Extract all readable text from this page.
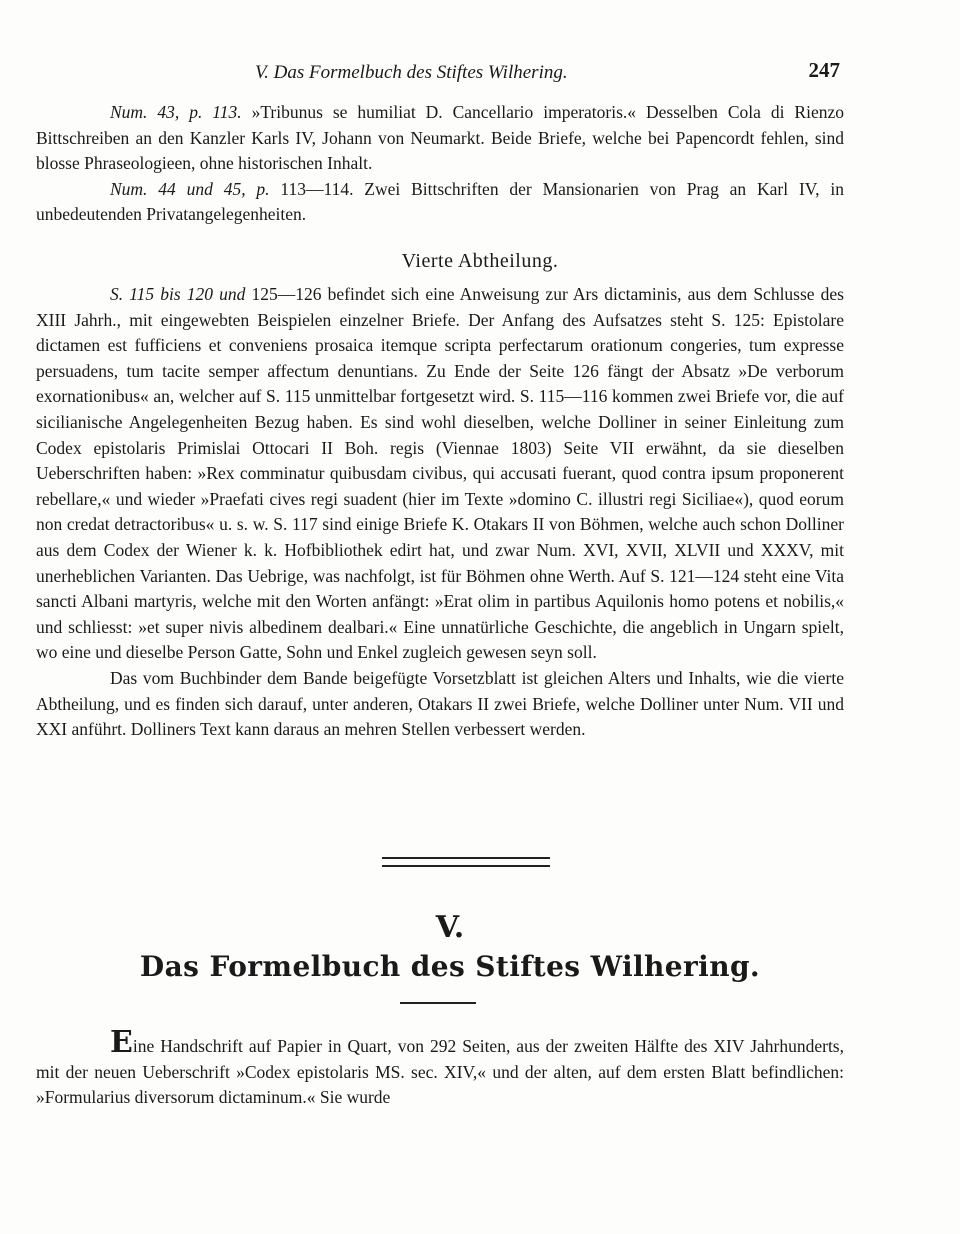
V. Das Formelbuch des Stiftes Wilhering.	247

Num. 43, p. 113. »Tribunus se humiliat D. Cancellario imperatoris.« Desselben Cola di Rienzo Bittschreiben an den Kanzler Karls IV, Johann von Neumarkt. Beide Briefe, welche bei Papencordt fehlen, sind blosse Phraseologieen, ohne historischen Inhalt.

Num. 44 und 45, p. 113—114. Zwei Bittschriften der Mansionarien von Prag an Karl IV, in unbedeutenden Privatangelegenheiten.

Vierte Abtheilung.

S. 115 bis 120 und 125—126 befindet sich eine Anweisung zur Ars dictaminis, aus dem Schlusse des XIII Jahrh., mit eingewebten Beispielen einzelner Briefe. Der Anfang des Aufsatzes steht S. 125: Epistolare dictamen est fufficiens et conveniens prosaica itemque scripta perfectarum orationum congeries, tum expresse persuadens, tum tacite semper affectum denuntians. Zu Ende der Seite 126 fängt der Absatz »De verborum exornationibus« an, welcher auf S. 115 unmittelbar fortgesetzt wird. S. 115—116 kommen zwei Briefe vor, die auf sicilianische Angelegenheiten Bezug haben. Es sind wohl dieselben, welche Dolliner in seiner Einleitung zum Codex epistolaris Primislai Ottocari II Boh. regis (Viennae 1803) Seite VII erwähnt, da sie dieselben Ueberschriften haben: »Rex comminatur quibusdam civibus, qui accusati fuerant, quod contra ipsum proponerent rebellare,« und wieder »Praefati cives regi suadent (hier im Texte »domino C. illustri regi Siciliae«), quod eorum non credat detractoribus« u. s. w. S. 117 sind einige Briefe K. Otakars II von Böhmen, welche auch schon Dolliner aus dem Codex der Wiener k. k. Hofbibliothek edirt hat, und zwar Num. XVI, XVII, XLVII und XXXV, mit unerheblichen Varianten. Das Uebrige, was nachfolgt, ist für Böhmen ohne Werth. Auf S. 121—124 steht eine Vita sancti Albani martyris, welche mit den Worten anfängt: »Erat olim in partibus Aquilonis homo potens et nobilis,« und schliesst: »et super nivis albedinem dealbari.« Eine unnatürliche Geschichte, die angeblich in Ungarn spielt, wo eine und dieselbe Person Gatte, Sohn und Enkel zugleich gewesen seyn soll.

Das vom Buchbinder dem Bande beigefügte Vorsetzblatt ist gleichen Alters und Inhalts, wie die vierte Abtheilung, und es finden sich darauf, unter anderen, Otakars II zwei Briefe, welche Dolliner unter Num. VII und XXI anführt. Dolliners Text kann daraus an mehren Stellen verbessert werden.

V.
Das Formelbuch des Stiftes Wilhering.

Eine Handschrift auf Papier in Quart, von 292 Seiten, aus der zweiten Hälfte des XIV Jahrhunderts, mit der neuen Ueberschrift »Codex epistolaris MS. sec. XIV,« und der alten, auf dem ersten Blatt befindlichen: »Formularius diversorum dictaminum.« Sie wurde
